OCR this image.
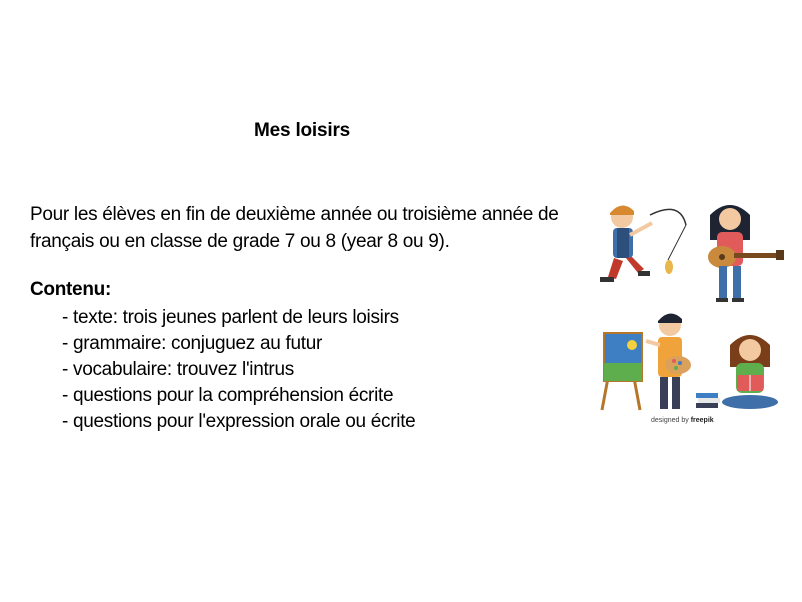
Mes loisirs
Pour les élèves en fin de deuxième année ou troisième année de français ou en classe de grade 7 ou 8 (year 8 ou 9).
Contenu:
- texte: trois jeunes parlent de leurs loisirs
- grammaire: conjuguez au futur
- vocabulaire: trouvez l'intrus
- questions pour la compréhension écrite
- questions pour l'expression orale ou écrite	designed by freepik
